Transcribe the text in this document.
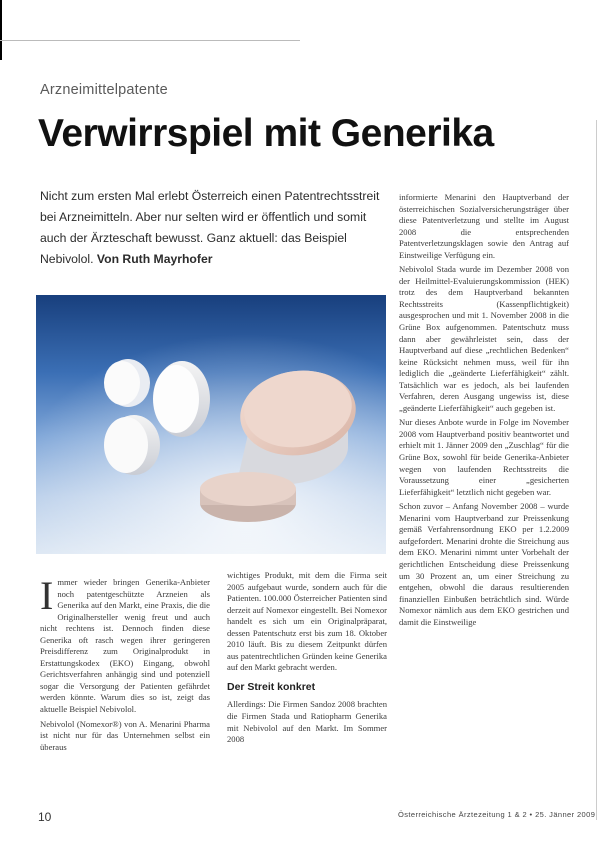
Arzneimittelpatente
Verwirrspiel mit Generika
Nicht zum ersten Mal erlebt Österreich einen Patentrechtsstreit bei Arzneimitteln. Aber nur selten wird er öffentlich und somit auch der Ärzteschaft bewusst. Ganz aktuell: das Beispiel Nebivolol. Von Ruth Mayrhofer

Immer wieder bringen Generika-Anbieter noch patentgeschützte Arzneien als Generika auf den Markt, eine Praxis, die die Originalhersteller wenig freut und auch nicht rechtens ist. Dennoch finden diese Generika oft rasch wegen ihrer geringeren Preisdifferenz zum Originalprodukt in Erstattungskodex (EKO) Eingang, obwohl Gerichtsverfahren anhängig sind und potenziell sogar die Versorgung der Patienten gefährdet werden könnte. Warum dies so ist, zeigt das aktuelle Beispiel Nebivolol.

Nebivolol (Nomexor®) von A. Menarini Pharma ist nicht nur für das Unternehmen selbst ein überaus

wichtiges Produkt, mit dem die Firma seit 2005 aufgebaut wurde, sondern auch für die Patienten. 100.000 Österreicher Patienten sind derzeit auf Nomexor eingestellt. Bei Nomexor handelt es sich um ein Originalpräparat, dessen Patentschutz erst bis zum 18. Oktober 2010 läuft. Bis zu diesem Zeitpunkt dürfen aus patentrechtlichen Gründen keine Generika auf den Markt gebracht werden.

Der Streit konkret

Allerdings: Die Firmen Sandoz 2008 brachten die Firmen Stada und Ratiopharm Generika mit Nebivolol auf den Markt. Im Sommer 2008

informierte Menarini den Hauptverband der österreichischen Sozialversicherungsträger über diese Patentverletzung und stellte im August 2008 die entsprechenden Patentverletzungsklagen sowie den Antrag auf Einstweilige Verfügung ein.

Nebivolol Stada wurde im Dezember 2008 von der Heilmittel-Evaluierungskommission (HEK) trotz des dem Hauptverband bekannten Rechtsstreits (Kassenpflichtigkeit) ausgesprochen und mit 1. November 2008 in die Grüne Box aufgenommen. Patentschutz muss dann aber gewährleistet sein, dass der Hauptverband auf diese „rechtlichen Bedenken“ keine Rücksicht nehmen muss, weil für ihn lediglich die „geänderte Lieferfähigkeit“ zählt. Tatsächlich war es jedoch, als bei laufenden Verfahren, deren Ausgang ungewiss ist, diese „geänderte Lieferfähigkeit“ auch gegeben ist.

Nur dieses Anbote wurde in Folge im November 2008 vom Hauptverband positiv beantwortet und erhielt mit 1. Jänner 2009 den „Zuschlag“ für die Grüne Box, sowohl für beide Generika-Anbieter wegen von laufenden Rechtsstreits die Voraussetzung einer „gesicherten Lieferfähigkeit“ letztlich nicht gegeben war.

Schon zuvor – Anfang November 2008 – wurde Menarini vom Hauptverband zur Preissenkung gemäß Verfahrensordnung EKO per 1.2.2009 aufgefordert. Menarini drohte die Streichung aus dem EKO. Menarini nimmt unter Vorbehalt der gerichtlichen Entscheidung diese Preissenkung um 30 Prozent an, um einer Streichung zu entgehen, obwohl die daraus resultierenden finanziellen Einbußen beträchtlich sind. Würde Nomexor nämlich aus dem EKO gestrichen und damit die Einstweilige

10	Österreichische Ärztezeitung 1 & 2 • 25. Jänner 2009
